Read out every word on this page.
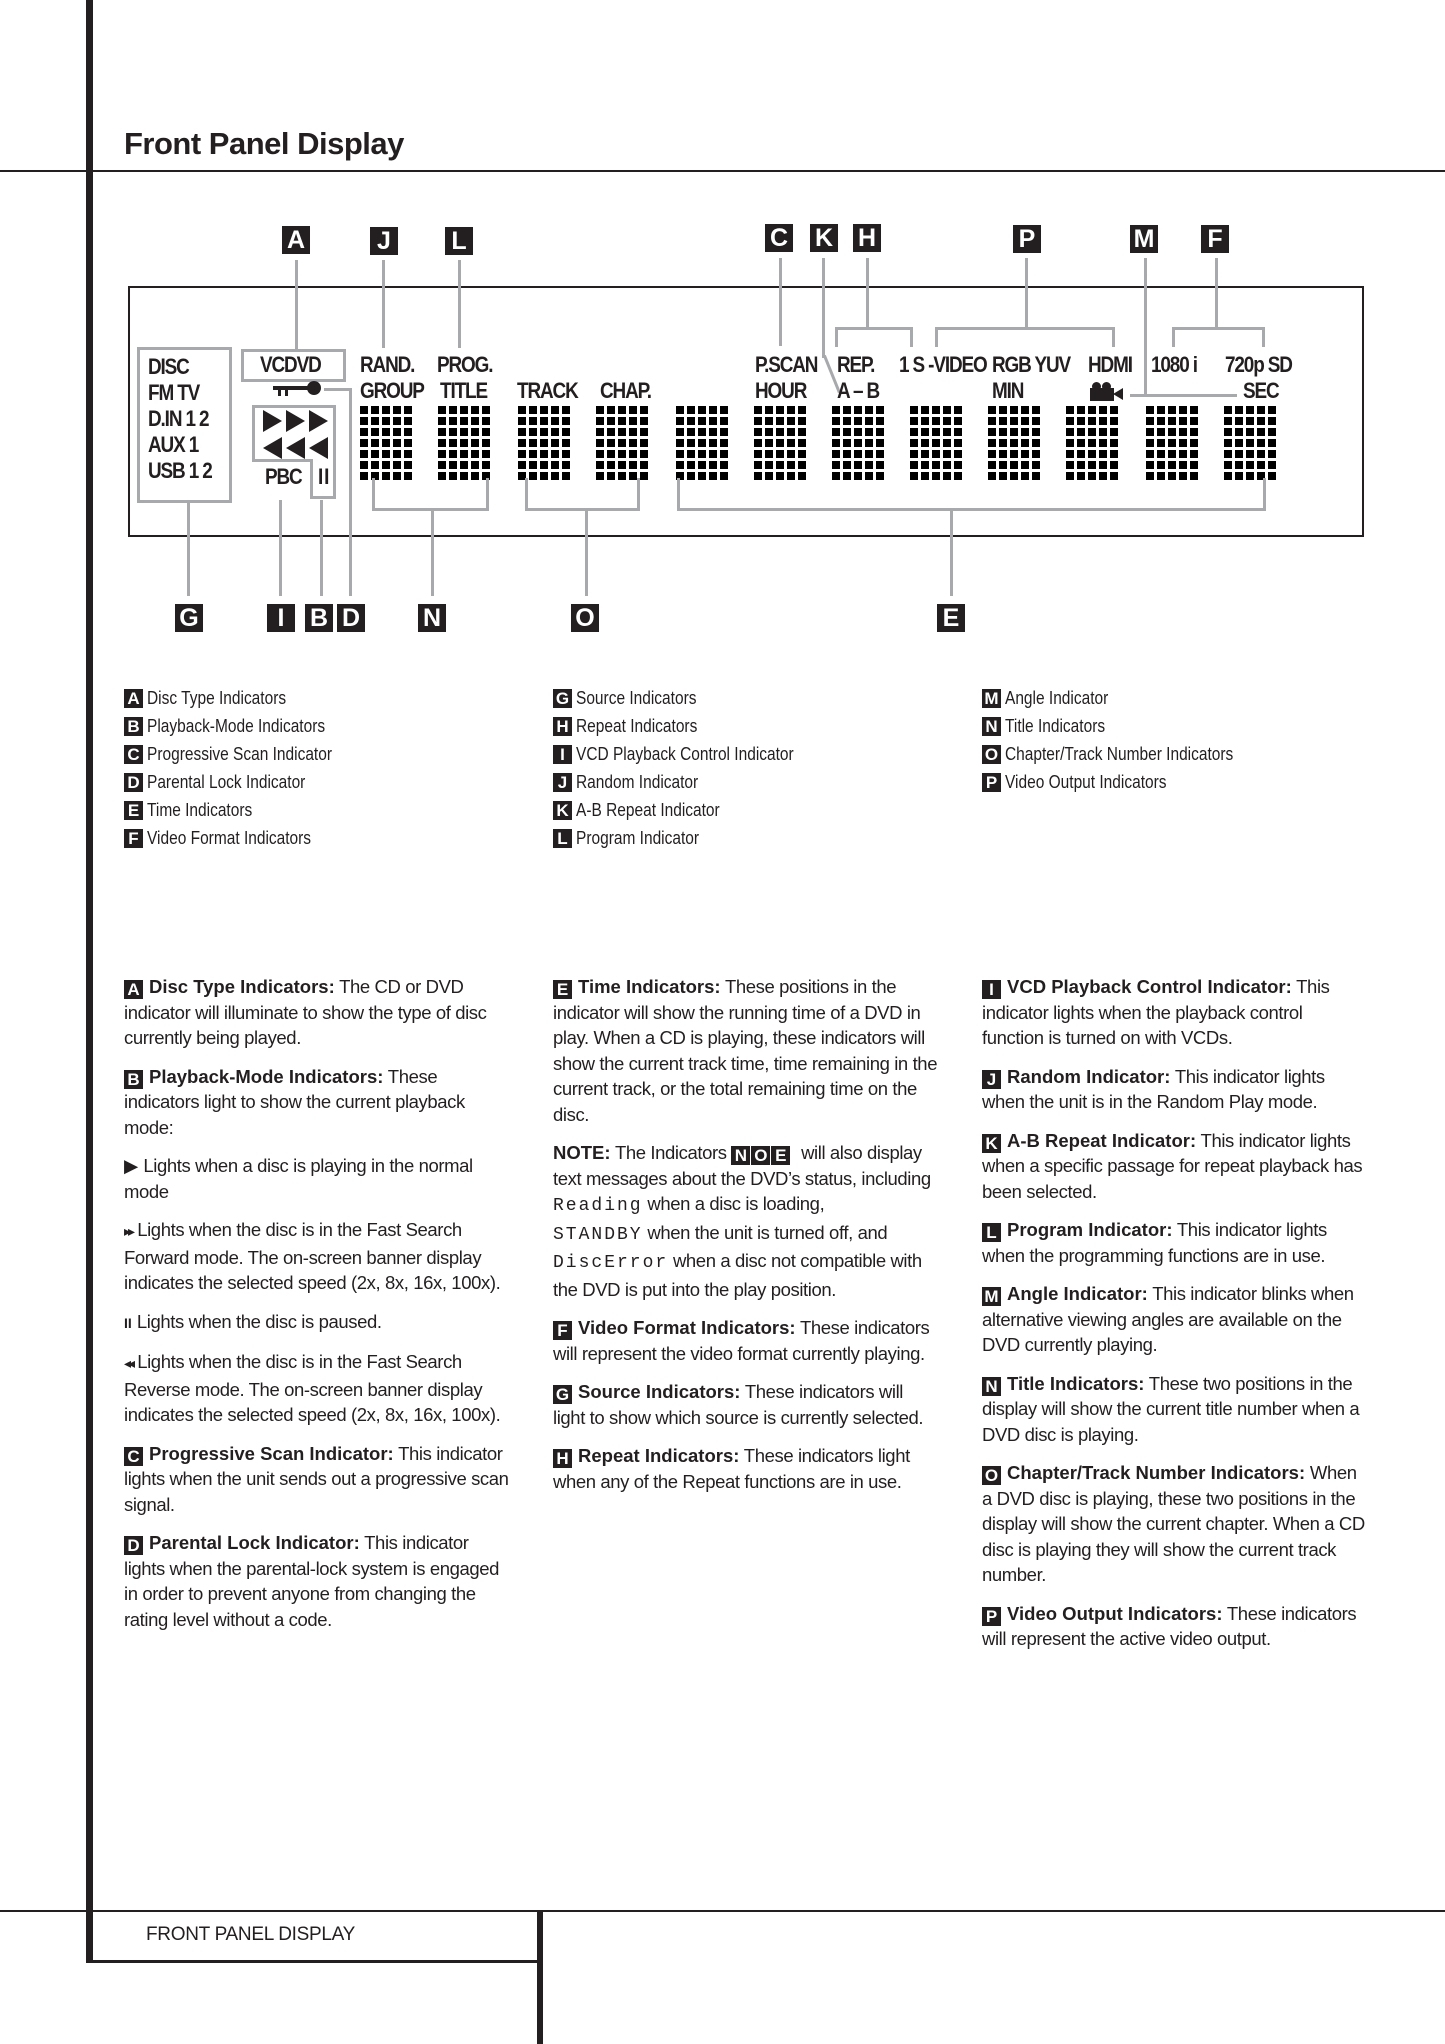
Front Panel Display
A	J L	C K H	P	M F
DISC
FM TV
D.IN 1 2
AUX 1
USB 1 2
VCDVD
PBC II
RAND.
GROUP
PROG.
TITLE TRACK CHAP.
P.SCAN
HOUR
REP.
A – B
1 S -VIDEO RGB YUV
MIN
HDMI 1080 i 720p SD
SEC
G	I	B D	N	O	E
A Disc Type Indicators
B Playback-Mode Indicators
C Progressive Scan Indicator
D Parental Lock Indicator
E Time Indicators
F Video Format Indicators
G Source Indicators
H Repeat Indicators
I VCD Playback Control Indicator
J Random Indicator
K A-B Repeat Indicator
L Program Indicator
M Angle Indicator
N Title Indicators
O Chapter/Track Number Indicators
P Video Output Indicators

A Disc Type Indicators: The CD or DVD indicator will illuminate to show the type of disc currently being played.

B Playback-Mode Indicators: These indicators light to show the current playback mode:

▶ Lights when a disc is playing in the normal mode

▸▸ Lights when the disc is in the Fast Search Forward mode. The on-screen banner display indicates the selected speed (2x, 8x, 16x, 100x).

II Lights when the disc is paused.

◂◂ Lights when the disc is in the Fast Search Reverse mode. The on-screen banner display indicates the selected speed (2x, 8x, 16x, 100x).

C Progressive Scan Indicator: This indicator lights when the unit sends out a progressive scan signal.

D Parental Lock Indicator: This indicator lights when the parental-lock system is engaged in order to prevent anyone from changing the rating level without a code.

E Time Indicators: These positions in the indicator will show the running time of a DVD in play. When a CD is playing, these indicators will show the current track time, time remaining in the current track, or the total remaining time on the disc.

NOTE: The Indicators N O E will also display text messages about the DVD’s status, including Reading when a disc is loading,
STANDBY when the unit is turned off, and
DiscError when a disc not compatible with the DVD is put into the play position.

F Video Format Indicators: These indicators will represent the video format currently playing.

G Source Indicators: These indicators will light to show which source is currently selected.

H Repeat Indicators: These indicators light when any of the Repeat functions are in use.

I VCD Playback Control Indicator: This indicator lights when the playback control function is turned on with VCDs.

J Random Indicator: This indicator lights when the unit is in the Random Play mode.

K A-B Repeat Indicator: This indicator lights when a specific passage for repeat playback has been selected.

L Program Indicator: This indicator lights when the programming functions are in use.

M Angle Indicator: This indicator blinks when alternative viewing angles are available on the DVD currently playing.

N Title Indicators: These two positions in the display will show the current title number when a DVD disc is playing.

O Chapter/Track Number Indicators: When a DVD disc is playing, these two positions in the display will show the current chapter. When a CD disc is playing they will show the current track number.

P Video Output Indicators: These indicators will represent the active video output.

FRONT PANEL DISPLAY
